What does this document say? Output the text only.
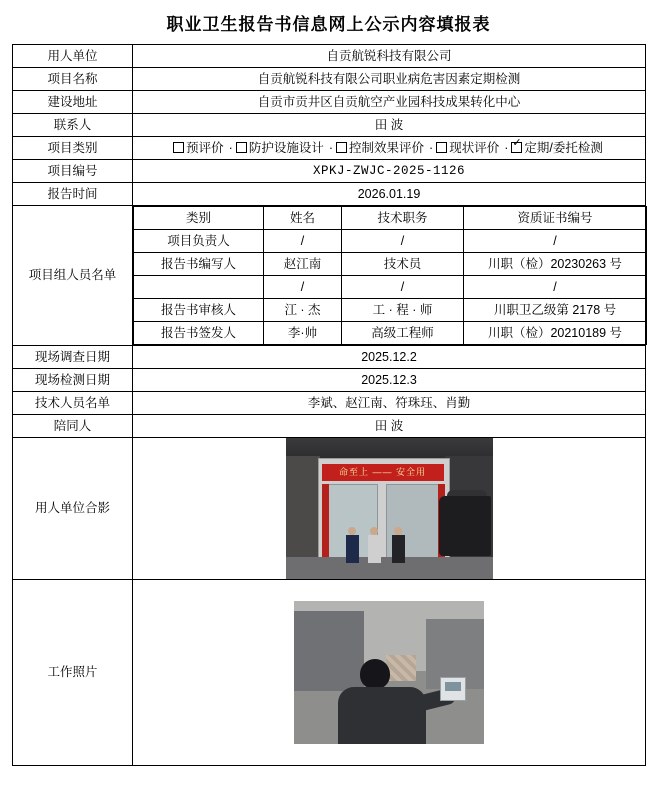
职业卫生报告书信息网上公示内容填报表
用人单位	自贡航锐科技有限公司
项目名称	自贡航锐科技有限公司职业病危害因素定期检测
建设地址	自贡市贡井区自贡航空产业园科技成果转化中心
联系人	田 波
项目类别	预评价 · 防护设施设计 · 控制效果评价 · 现状评价 · ✓ 定期/委托检测

项目编号	XPKJ-ZWJC-2025-1126
报告时间	2026.01.19
项目组人员名单	
类别	姓名	技术职务	资质证书编号
项目负责人	/	/	/
报告书编写人	赵江南	技术员	川职（检）20230263 号
	/	/	/
报告书审核人	江 · 杰	工 · 程 · 师	川职卫乙级第 2178 号
报告书签发人	李·帅	高级工程师	川职（检）20210189 号

现场调查日期	2025.12.2
现场检测日期	2025.12.3
技术人员名单	李斌、赵江南、符珠珏、肖勤
陪同人	田 波
用人单位合影	
命至上 —— 安全用

工作照片	
